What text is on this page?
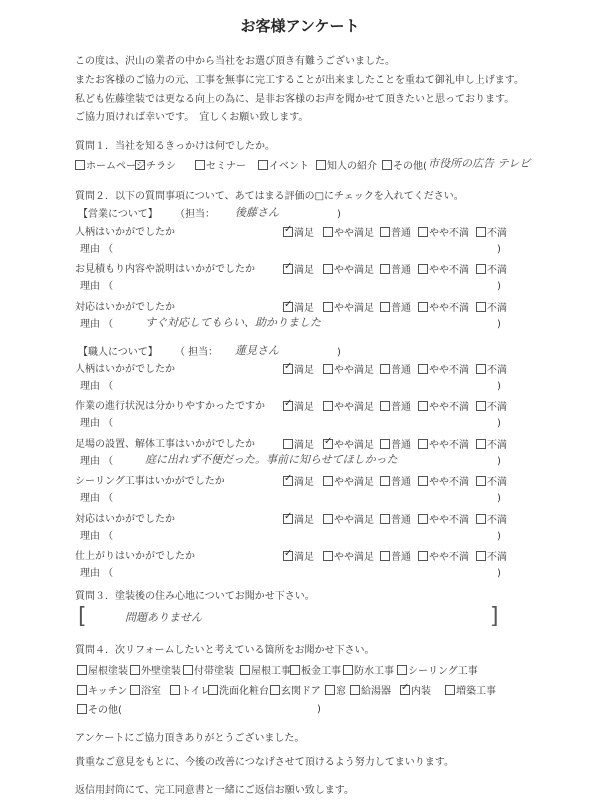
お客様アンケート
この度は、沢山の業者の中から当社をお選び頂き有難うございました。
またお客様のご協力の元、工事を無事に完工することが出来ましたことを重ねて御礼申し上げます。
私ども佐藤塗装では更なる向上の為に、是非お客様のお声を聞かせて頂きたいと思っております。
ご協力頂ければ幸いです。　宜しくお願い致します。
質問１．当社を知るきっかけは何でしたか。
ホームページ チラシ	セミナー	イベント	知人の紹介	その他( 市役所の広告 テレビ
質問２．以下の質問事項について、あてはまる評価の□にチェックを入れてください。
【営業について】 （担当： 後藤さん	)
人柄はいかがでしたか ✓	満足	やや満足	普通	やや不満	不満
理由 （	)
お見積もり内容や説明はいかがでしたか ✓	満足	やや満足	普通	やや不満	不満
理由 （	)
対応はいかがでしたか ✓	満足	やや満足	普通	やや不満	不満
理由 （	すぐ対応してもらい、助かりました	)
【職人について】 （ 担当： 蓮見さん	)
人柄はいかがでしたか ✓	満足	やや満足	普通	やや不満	不満
理由 （	)
作業の進行状況は分かりやすかったですか ✓	満足	やや満足	普通	やや不満	不満
理由 （	)
足場の設置、解体工事はいかがでしたか	満足 ✓	やや満足	普通	やや不満	不満
理由 （	庭に出れず不便だった。事前に知らせてほしかった	)
シーリング工事はいかがでしたか ✓	満足	やや満足	普通	やや不満	不満
理由 （	)
対応はいかがでしたか ✓	満足	やや満足	普通	やや不満	不満
理由 （	)
仕上がりはいかがでしたか ✓	満足	やや満足	普通	やや不満	不満
理由 （	)
質問３．塗装後の住み心地についてお聞かせ下さい。
[	問題ありません	]
質問４．次リフォームしたいと考えている箇所をお聞かせ下さい。
屋根塗装	外壁塗装	付帯塗装	屋根工事	板金工事	防水工事	シーリング工事
キッチン	浴室	トイレ 洗面化粧台	玄関ドア	窓	給湯器 ✓	内装	増築工事
その他(	)
アンケートにご協力頂きありがとうございました。
貴重なご意見をもとに、今後の改善につなげさせて頂けるよう努力してまいります。
返信用封筒にて、完工同意書と一緒にご返信お願い致します。
